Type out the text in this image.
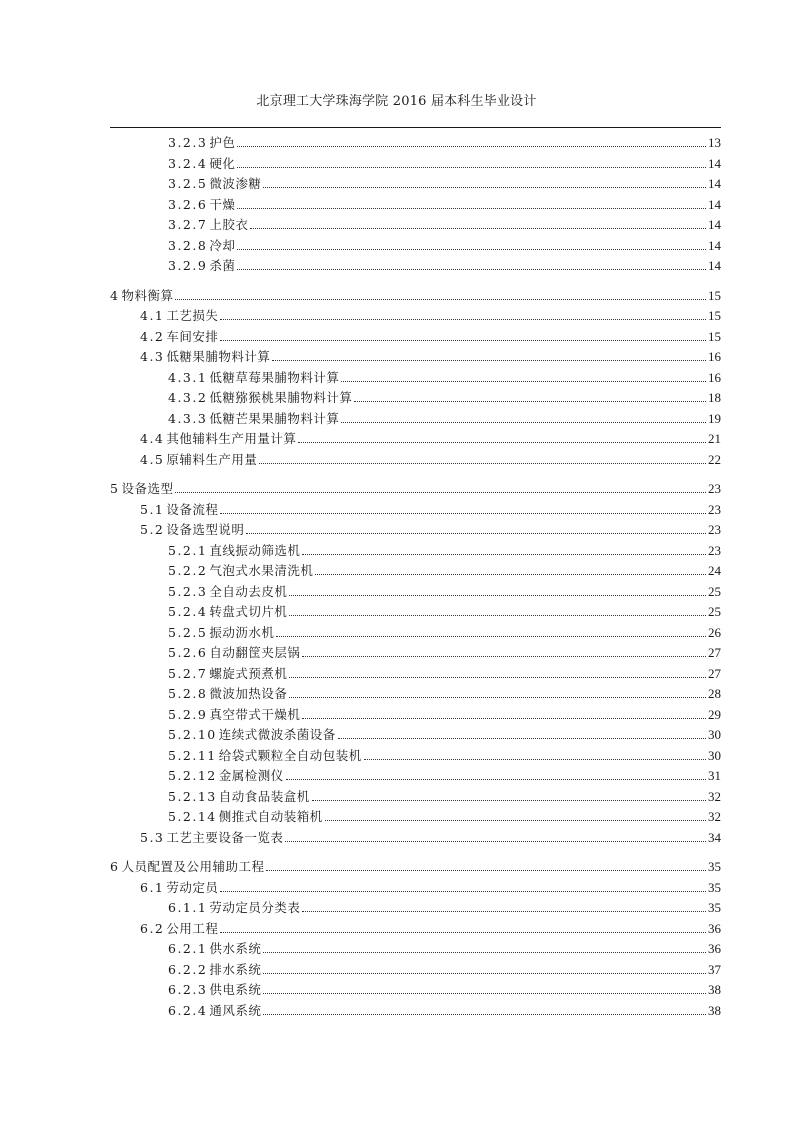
北京理工大学珠海学院 2016 届本科生毕业设计
3.2.3 护色	13
3.2.4 硬化	14
3.2.5 微波渗糖	14
3.2.6 干燥	14
3.2.7 上胶衣	14
3.2.8 冷却	14
3.2.9 杀菌	14
4 物料衡算	15
4.1 工艺损失	15
4.2 车间安排	15
4.3 低糖果脯物料计算	16
4.3.1 低糖草莓果脯物料计算	16
4.3.2 低糖猕猴桃果脯物料计算	18
4.3.3 低糖芒果果脯物料计算	19
4.4 其他辅料生产用量计算	21
4.5 原辅料生产用量	22
5 设备选型	23
5.1 设备流程	23
5.2 设备选型说明	23
5.2.1 直线振动筛选机	23
5.2.2 气泡式水果清洗机	24
5.2.3 全自动去皮机	25
5.2.4 转盘式切片机	25
5.2.5 振动沥水机	26
5.2.6 自动翻筐夹层锅	27
5.2.7 螺旋式预煮机	27
5.2.8 微波加热设备	28
5.2.9 真空带式干燥机	29
5.2.10 连续式微波杀菌设备	30
5.2.11 给袋式颗粒全自动包装机	30
5.2.12 金属检测仪	31
5.2.13 自动食品装盒机	32
5.2.14 侧推式自动装箱机	32
5.3 工艺主要设备一览表	34
6 人员配置及公用辅助工程	35
6.1 劳动定员	35
6.1.1 劳动定员分类表	35
6.2 公用工程	36
6.2.1 供水系统	36
6.2.2 排水系统	37
6.2.3 供电系统	38
6.2.4 通风系统	38
